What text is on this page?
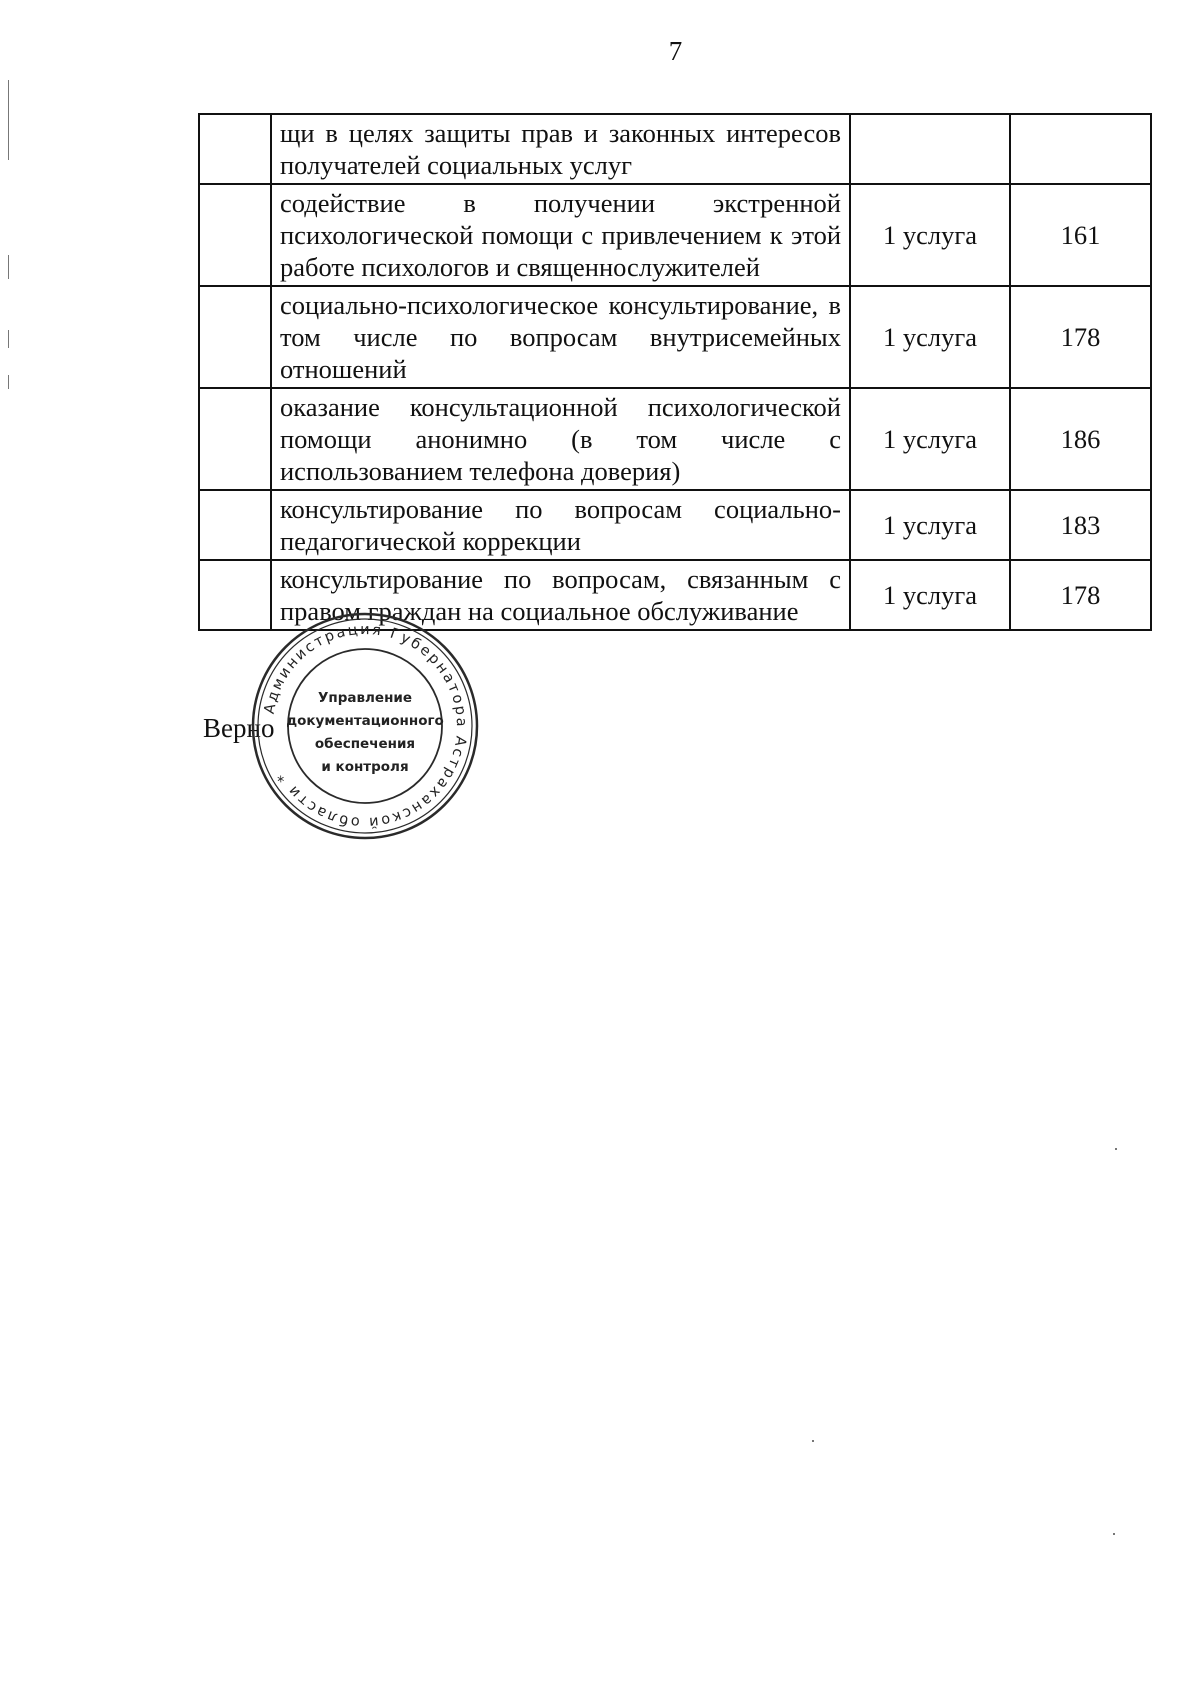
7
	щи в целях защиты прав и законных интересов получателей социальных услуг		
	содействие в получении экстренной психологической помощи с привлечением к этой работе психологов и священнослужителей	1 услуга	161
	социально-психологическое консультирование, в том числе по вопросам внутрисемейных отношений	1 услуга	178
	оказание консультационной психологической помощи анонимно (в том числе с использованием телефона доверия)	1 услуга	186
	консультирование по вопросам социально-педагогической коррекции	1 услуга	183
	консультирование по вопросам, связанным с правом граждан на социальное обслуживание	1 услуга	178
Верно
Администрация Губернатора Астраханской области *
Управление
документационного
обеспечения
и контроля
